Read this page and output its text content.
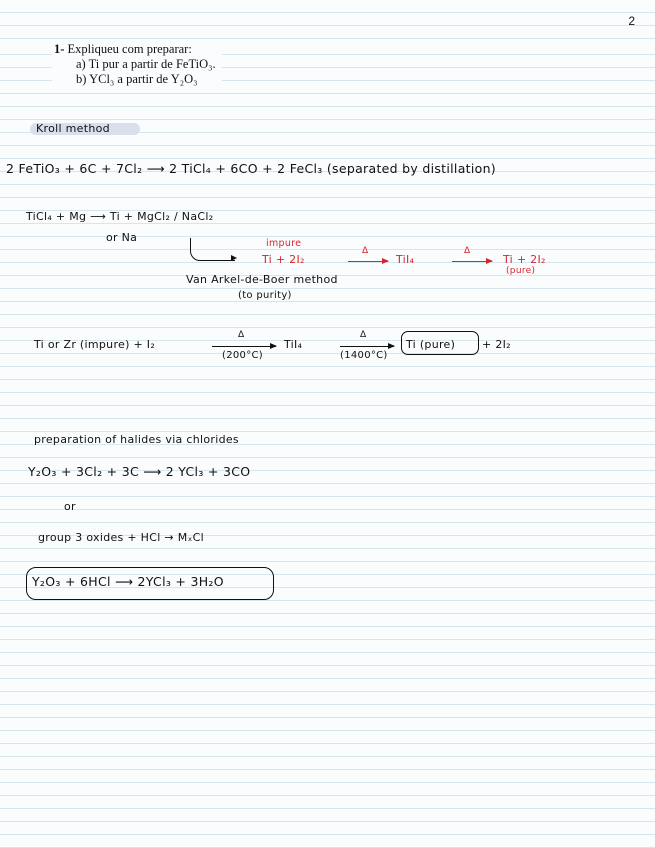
2
1- Expliqueu com preparar:
a) Ti pur a partir de FeTiO₃.
b) YCl₃ a partir de Y₂O₃
Kroll method
2 FeTiO₃ + 6C + 7Cl₂ ⟶ 2 TiCl₄ + 6CO + 2 FeCl₃ (separated by distillation)
TiCl₄ + Mg ⟶ Ti + MgCl₂ / NaCl₂
or Na	impure
Ti + 2I₂
Δ
TiI₄
Δ
Ti + 2I₂
(pure)
Van Arkel-de-Boer method
(to purity)
Ti or Zr (impure) + I₂
Δ
(200°C)
TiI₄
Δ
(1400°C)
Ti (pure) + 2I₂
preparation of halides via chlorides
Y₂O₃ + 3Cl₂ + 3C ⟶ 2 YCl₃ + 3CO
or
group 3 oxides + HCl → MₓCl
Y₂O₃ + 6HCl ⟶ 2YCl₃ + 3H₂O
